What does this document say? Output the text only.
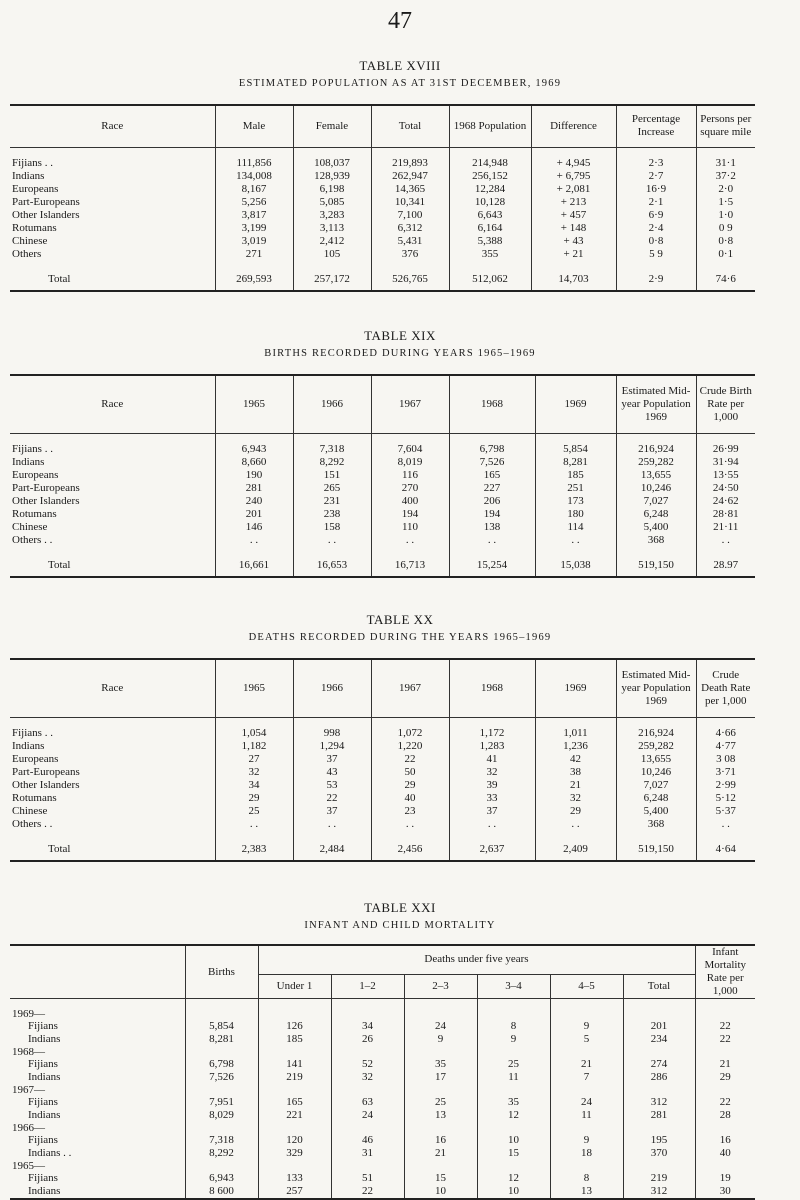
47
TABLE XVIII
ESTIMATED POPULATION AS AT 31ST DECEMBER, 1969
Race	Male	Female	Total	1968 Population	Difference	Percentage Increase	Persons per square mile

Fijians . .	111,856	108,037	219,893	214,948	+ 4,945	2·3	31·1
Indians	134,008	128,939	262,947	256,152	+ 6,795	2·7	37·2
Europeans	8,167	6,198	14,365	12,284	+ 2,081	16·9	2·0
Part-Europeans	5,256	5,085	10,341	10,128	+ 213	2·1	1·5
Other Islanders	3,817	3,283	7,100	6,643	+ 457	6·9	1·0
Rotumans	3,199	3,113	6,312	6,164	+ 148	2·4	0 9
Chinese	3,019	2,412	5,431	5,388	+ 43	0·8	0·8
Others	271	105	376	355	+ 21	5 9	0·1

Total	269,593	257,172	526,765	512,062	14,703	2·9	74·6
TABLE XIX
BIRTHS RECORDED DURING YEARS 1965–1969
Race	1965	1966	1967	1968	1969	Estimated Mid-year Population 1969	Crude Birth Rate per 1,000

Fijians . .	6,943	7,318	7,604	6,798	5,854	216,924	26·99
Indians	8,660	8,292	8,019	7,526	8,281	259,282	31·94
Europeans	190	151	116	165	185	13,655	13·55
Part-Europeans	281	265	270	227	251	10,246	24·50
Other Islanders	240	231	400	206	173	7,027	24·62
Rotumans	201	238	194	194	180	6,248	28·81
Chinese	146	158	110	138	114	5,400	21·11
Others . .	. .	. .	. .	. .	. .	368	. .

Total	16,661	16,653	16,713	15,254	15,038	519,150	28.97
TABLE XX
DEATHS RECORDED DURING THE YEARS 1965–1969
Race	1965	1966	1967	1968	1969	Estimated Mid-year Population 1969	Crude Death Rate per 1,000

Fijians . .	1,054	998	1,072	1,172	1,011	216,924	4·66
Indians	1,182	1,294	1,220	1,283	1,236	259,282	4·77
Europeans	27	37	22	41	42	13,655	3 08
Part-Europeans	32	43	50	32	38	10,246	3·71
Other Islanders	34	53	29	39	21	7,027	2·99
Rotumans	29	22	40	33	32	6,248	5·12
Chinese	25	37	23	37	29	5,400	5·37
Others . .	. .	. .	. .	. .	. .	368	. .

Total	2,383	2,484	2,456	2,637	2,409	519,150	4·64
TABLE XXI
INFANT AND CHILD MORTALITY
	Births	Deaths under five years						Infant Mortality Rate per 1,000
		Under 1	1–2	2–3	3–4	4–5	Total	

1969—								
Fijians	5,854	126	34	24	8	9	201	22
Indians	8,281	185	26	9	9	5	234	22
1968—								
Fijians	6,798	141	52	35	25	21	274	21
Indians	7,526	219	32	17	11	7	286	29
1967—								
Fijians	7,951	165	63	25	35	24	312	22
Indians	8,029	221	24	13	12	11	281	28
1966—								
Fijians	7,318	120	46	16	10	9	195	16
Indians . .	8,292	329	31	21	15	18	370	40
1965—								
Fijians	6,943	133	51	15	12	8	219	19
Indians	8 600	257	22	10	10	13	312	30
